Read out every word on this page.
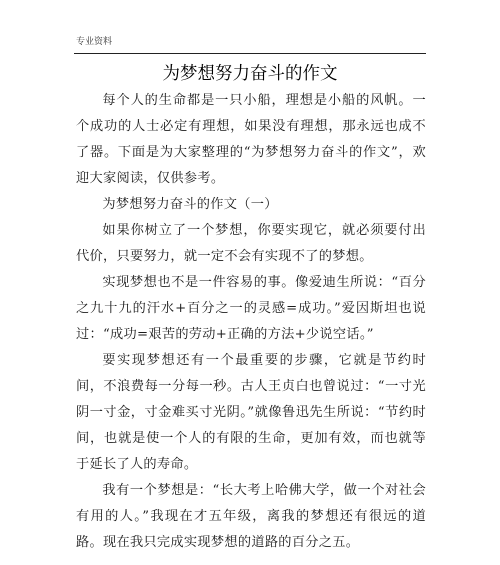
专业资料
为梦想努力奋斗的作文

每个人的生命都是一只小船，理想是小船的风帆。一个成功的人士必定有理想，如果没有理想，那永远也成不了器。下面是为大家整理的“为梦想努力奋斗的作文”，欢迎大家阅读，仅供参考。

为梦想努力奋斗的作文（一）

如果你树立了一个梦想，你要实现它，就必须要付出代价，只要努力，就一定不会有实现不了的梦想。

实现梦想也不是一件容易的事。像爱迪生所说：“百分之九十九的汗水+百分之一的灵感=成功。”爱因斯坦也说过：“成功=艰苦的劳动+正确的方法+少说空话。”

要实现梦想还有一个最重要的步骤，它就是节约时间，不浪费每一分每一秒。古人王贞白也曾说过：“一寸光阴一寸金，寸金难买寸光阴。”就像鲁迅先生所说：“节约时间，也就是使一个人的有限的生命，更加有效，而也就等于延长了人的寿命。

我有一个梦想是：“长大考上哈佛大学，做一个对社会有用的人。”我现在才五年级，离我的梦想还有很远的道路。现在我只完成实现梦想的道路的百分之五。
